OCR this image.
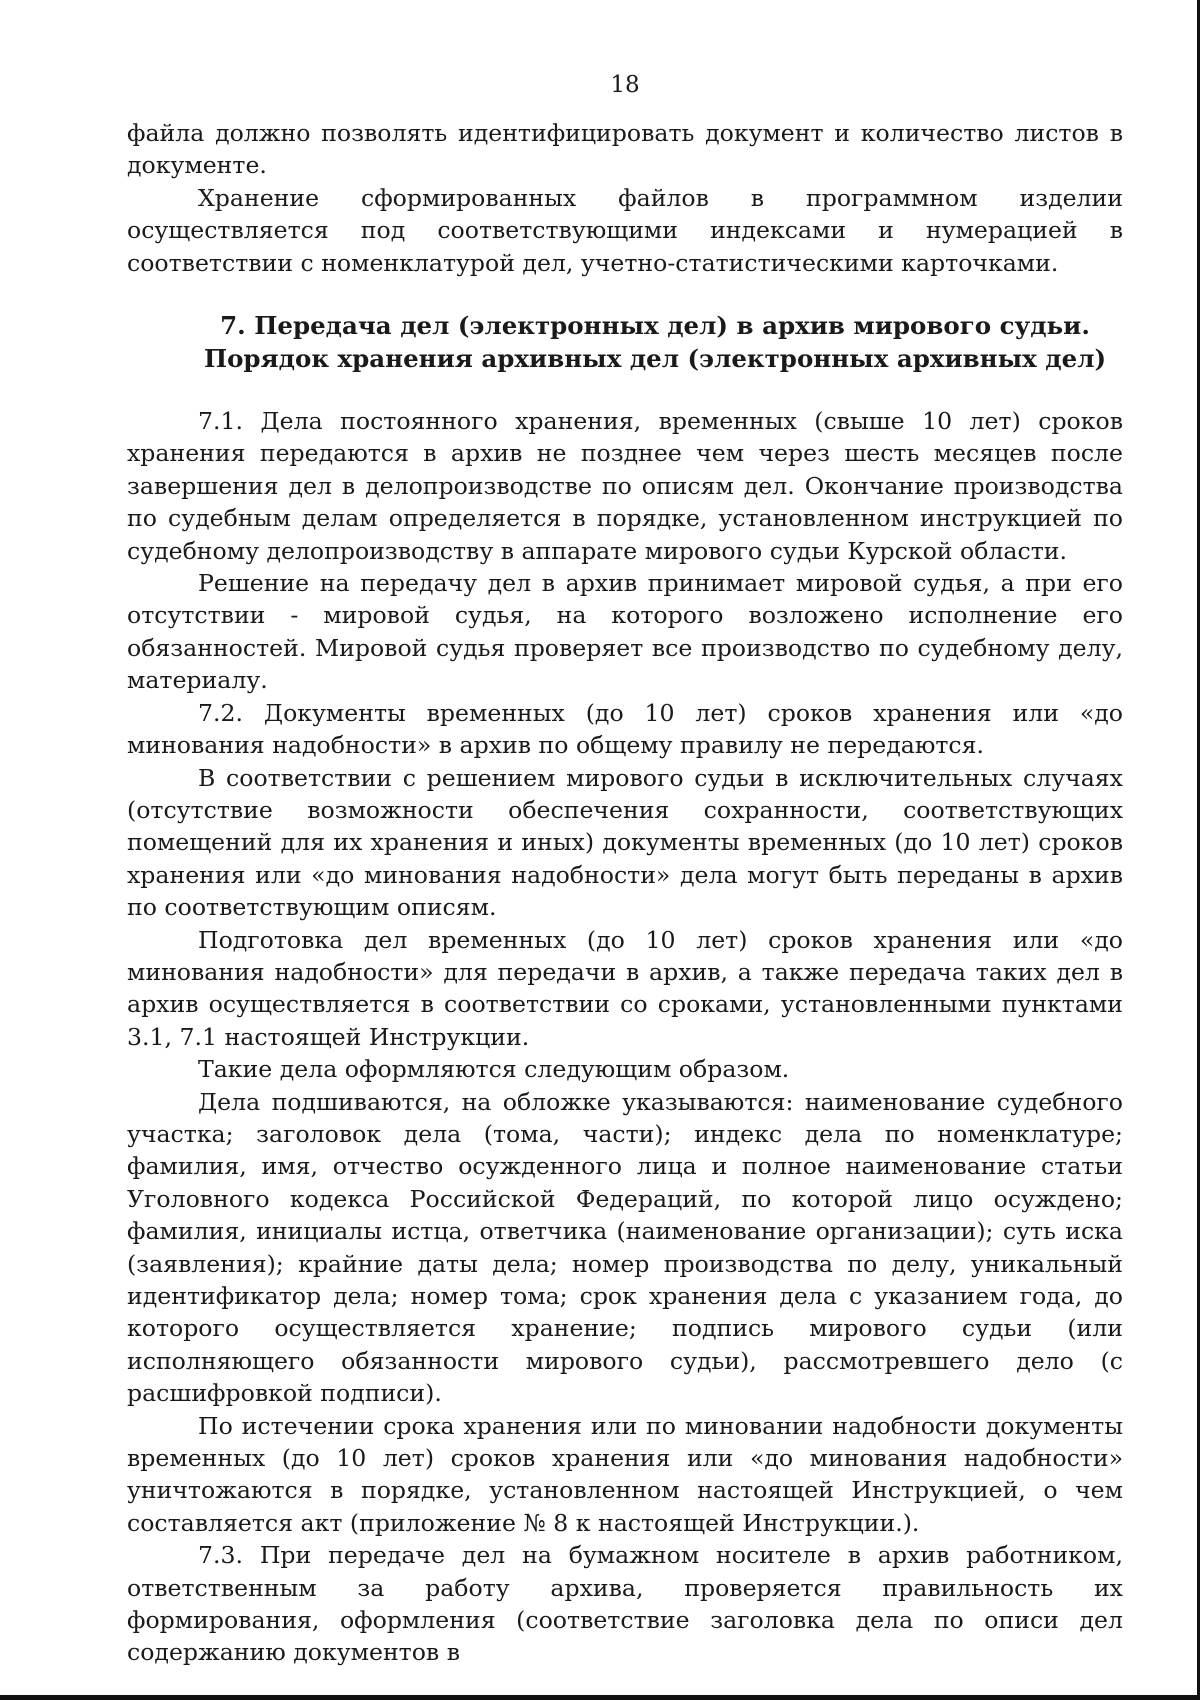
18

файла должно позволять идентифицировать документ и количество листов в документе.

Хранение сформированных файлов в программном изделии осуществляется под соответствующими индексами и нумерацией в соответствии с номенклатурой дел, учетно-статистическими карточками.

7. Передача дел (электронных дел) в архив мирового судьи. Порядок хранения архивных дел (электронных архивных дел)

7.1. Дела постоянного хранения, временных (свыше 10 лет) сроков хранения передаются в архив не позднее чем через шесть месяцев после завершения дел в делопроизводстве по описям дел. Окончание производства по судебным делам определяется в порядке, установленном инструкцией по судебному делопроизводству в аппарате мирового судьи Курской области.

Решение на передачу дел в архив принимает мировой судья, а при его отсутствии - мировой судья, на которого возложено исполнение его обязанностей. Мировой судья проверяет все производство по судебному делу, материалу.

7.2. Документы временных (до 10 лет) сроков хранения или «до минования надобности» в архив по общему правилу не передаются.

В соответствии с решением мирового судьи в исключительных случаях (отсутствие возможности обеспечения сохранности, соответствующих помещений для их хранения и иных) документы временных (до 10 лет) сроков хранения или «до минования надобности» дела могут быть переданы в архив по соответствующим описям.

Подготовка дел временных (до 10 лет) сроков хранения или «до минования надобности» для передачи в архив, а также передача таких дел в архив осуществляется в соответствии со сроками, установленными пунктами 3.1, 7.1 настоящей Инструкции.

Такие дела оформляются следующим образом.

Дела подшиваются, на обложке указываются: наименование судебного участка; заголовок дела (тома, части); индекс дела по номенклатуре; фамилия, имя, отчество осужденного лица и полное наименование статьи Уголовного кодекса Российской Федераций, по которой лицо осуждено; фамилия, инициалы истца, ответчика (наименование организации); суть иска (заявления); крайние даты дела; номер производства по делу, уникальный идентификатор дела; номер тома; срок хранения дела с указанием года, до которого осуществляется хранение; подпись мирового судьи (или исполняющего обязанности мирового судьи), рассмотревшего дело (с расшифровкой подписи).

По истечении срока хранения или по миновании надобности документы временных (до 10 лет) сроков хранения или «до минования надобности» уничтожаются в порядке, установленном настоящей Инструкцией, о чем составляется акт (приложение № 8 к настоящей Инструкции.).

7.3. При передаче дел на бумажном носителе в архив работником, ответственным за работу архива, проверяется правильность их формирования, оформления (соответствие заголовка дела по описи дел содержанию документов в
